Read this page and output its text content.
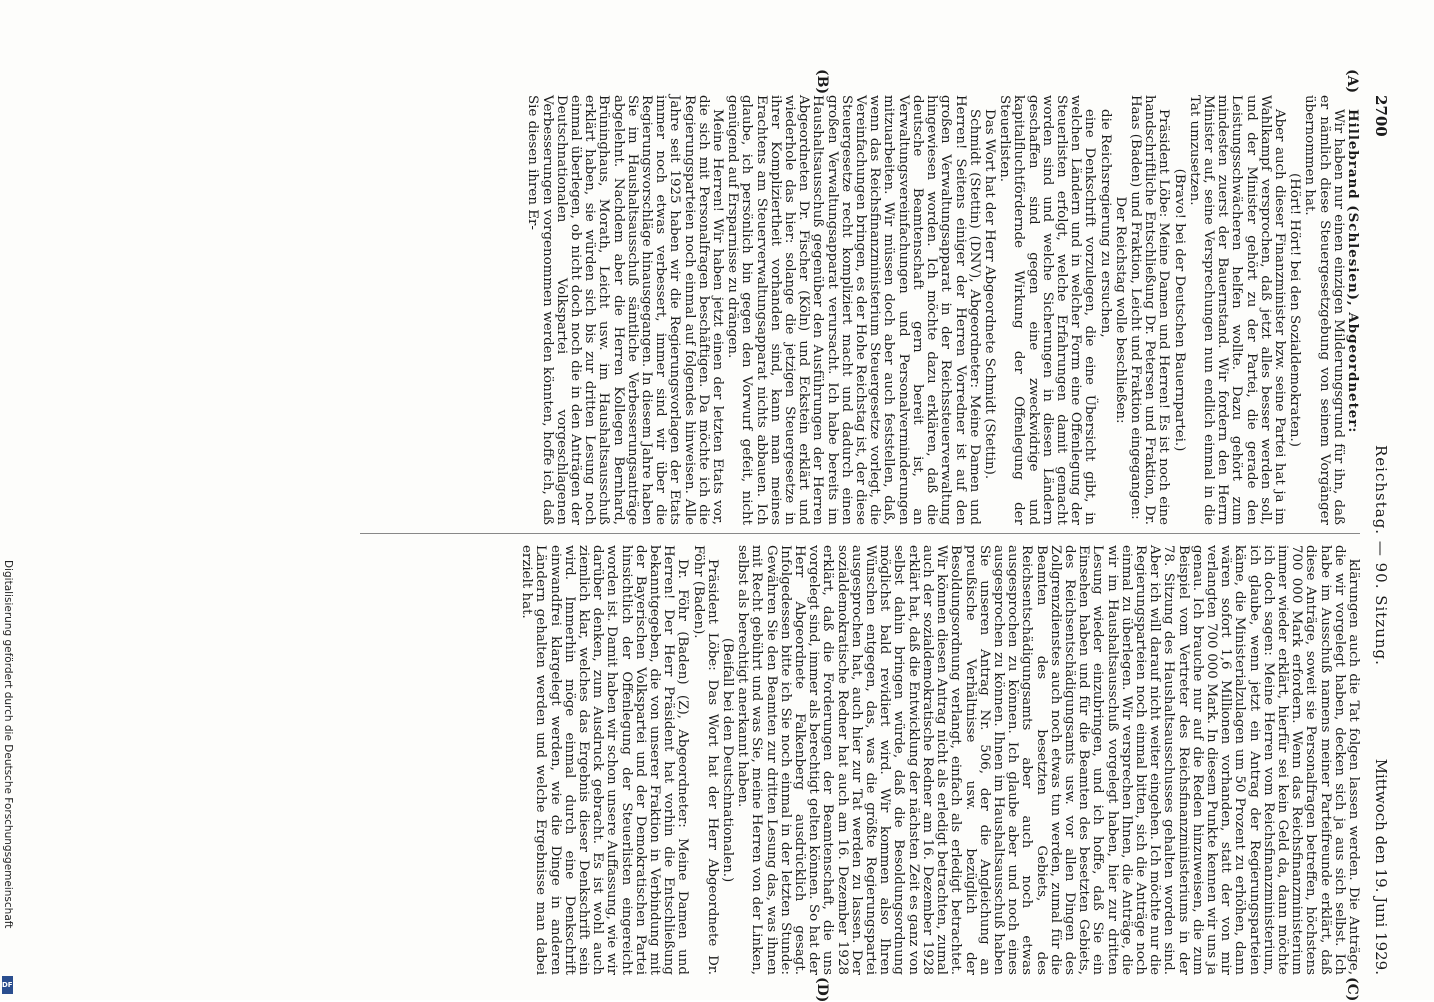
Digitalisierung gefördert durch die Deutsche Forschungsgemeinschaft
DFG
2700
Reichstag. — 90. Sitzung.
Mittwoch den 19. Juni 1929.
(A)
(B)
(C)
(D)

Hillebrand (Schlesien), Abgeordneter:

Wir haben nur einen einzigen Milderungsgrund für ihn, daß er nämlich diese Steuergesetzgebung von seinem Vorgänger übernommen hat.

(Hört! Hört! bei den Sozialdemokraten.)

Aber auch dieser Finanzminister bzw. seine Partei hat ja im Wahlkampf versprochen, daß jetzt alles besser werden soll, und der Minister gehört zu der Partei, die gerade den Leistungsschwächeren helfen wollte. Dazu gehört zum mindesten zuerst der Bauernstand. Wir fordern den Herrn Minister auf, seine Versprechungen nun endlich einmal in die Tat umzusetzen.

(Bravo! bei der Deutschen Bauernpartei.)

Präsident Löbe: Meine Damen und Herren! Es ist noch eine handschriftliche Entschließung Dr. Petersen und Fraktion, Dr. Haas (Baden) und Fraktion, Leicht und Fraktion eingegangen:

Der Reichstag wolle beschließen:

die Reichsregierung zu ersuchen,

eine Denkschrift vorzulegen, die eine Übersicht gibt, in welchen Ländern und in welcher Form eine Offenlegung der Steuerlisten erfolgt, welche Erfahrungen damit gemacht worden sind und welche Sicherungen in diesen Ländern geschaffen sind gegen eine zweckwidrige und kapitalfluchtfördernde Wirkung der Offenlegung der Steuerlisten.

Das Wort hat der Herr Abgeordnete Schmidt (Stettin).

Schmidt (Stettin) (DNV), Abgeordneter: Meine Damen und Herren! Seitens einiger der Herren Vorredner ist auf den großen Verwaltungsapparat in der Reichssteuerverwaltung hingewiesen worden. Ich möchte dazu erklären, daß die deutsche Beamtenschaft gern bereit ist, an Verwaltungsvereinfachungen und Personalverminderungen mitzuarbeiten. Wir müssen doch aber auch feststellen, daß, wenn das Reichsfinanzministerium Steuergesetze vorlegt, die Vereinfachungen bringen, es der Hohe Reichstag ist, der diese Steuergesetze recht kompliziert macht und dadurch einen großen Verwaltungsapparat verursacht. Ich habe bereits im Haushaltsausschuß gegenüber den Ausführungen der Herren Abgeordneten Dr. Fischer (Köln) und Eckstein erklärt und wiederhole das hier: solange die jetzigen Steuergesetze in ihrer Kompliziertheit vorhanden sind, kann man meines Erachtens am Steuerverwaltungsapparat nichts abbauen. Ich glaube, ich persönlich bin gegen den Vorwurf gefeit, nicht genügend auf Ersparnisse zu drängen.

Meine Herren! Wir haben jetzt einen der letzten Etats vor, die sich mit Personalfragen beschäftigen. Da möchte ich die Regierungsparteien noch einmal auf folgendes hinweisen. Alle Jahre seit 1925 haben wir die Regierungsvorlagen der Etats immer noch etwas verbessert, immer sind wir über die Regierungsvorschläge hinausgegangen. In diesem Jahre haben Sie im Haushaltsausschuß sämtliche Verbesserungsanträge abgelehnt. Nachdem aber die Herren Kollegen Bernhard, Brüninghaus, Morath, Leicht usw. im Haushaltsausschuß erklärt haben, sie würden sich bis zur dritten Lesung noch einmal überlegen, ob nicht doch noch die in den Anträgen der Deutschnationalen Volkspartei vorgeschlagenen Verbesserungen vorgenommen werden könnten, hoffe ich, daß Sie diesen ihren Er-

klärungen auch die Tat folgen lassen werden. Die Anträge, die wir vorgelegt haben, decken sich ja aus sich selbst. Ich habe im Ausschuß namens meiner Parteifreunde erklärt, daß diese Anträge, soweit sie Personalfragen betreffen, höchstens 700 000 Mark erfordern. Wenn das Reichsfinanzministerium immer wieder erklärt, hierfür sei kein Geld da, dann möchte ich doch sagen: Meine Herren vom Reichsfinanzministerium, ich glaube, wenn jetzt ein Antrag der Regierungsparteien käme, die Ministerialzulagen um 50 Prozent zu erhöhen, dann wären sofort 1,6 Millionen vorhanden, statt der von mir verlangten 700 000 Mark. In diesem Punkte kennen wir uns ja genau. Ich brauche nur auf die Reden hinzuweisen, die zum Beispiel vom Vertreter des Reichsfinanzministeriums in der 78. Sitzung des Haushaltsausschusses gehalten worden sind. Aber ich will darauf nicht weiter eingehen. Ich möchte nur die Regierungsparteien noch einmal bitten, sich die Anträge noch einmal zu überlegen. Wir versprechen Ihnen, die Anträge, die wir im Haushaltsausschuß vorgelegt haben, hier zur dritten Lesung wieder einzubringen, und ich hoffe, daß Sie ein Einsehen haben und für die Beamten des besetzten Gebiets, des Reichsentschädigungsamts usw. vor allen Dingen des Zollgrenzdienstes auch noch etwas tun werden, zumal für die Beamten des besetzten Gebiets, des Reichsentschädigungsamts aber auch noch etwas ausgesprochen zu können. Ich glaube aber und noch eines ausgesprochen zu können. Ihnen im Haushaltsausschuß haben Sie unseren Antrag Nr. 506, der die Angleichung an preußische Verhältnisse usw. bezüglich der Besoldungsordnung verlangt, einfach als erledigt betrachtet. Wir können diesen Antrag nicht als erledigt betrachten, zumal auch der sozialdemokratische Redner am 16. Dezember 1928 erklärt hat, daß die Entwicklung der nächsten Zeit es ganz von selbst dahin bringen würde, daß die Besoldungsordnung möglichst bald revidiert wird. Wir kommen also Ihren Wünschen entgegen, das, was die größte Regierungspartei ausgesprochen hat, auch hier zur Tat werden zu lassen. Der sozialdemokratische Redner hat auch am 16. Dezember 1928 erklärt, daß die Forderungen der Beamtenschaft, die uns vorgelegt sind, immer als berechtigt gelten können. So hat der Herr Abgeordnete Falkenberg ausdrücklich gesagt. Infolgedessen bitte ich Sie noch einmal in der letzten Stunde: Gewähren Sie den Beamten zur dritten Lesung das, was ihnen mit Recht gebührt und was Sie, meine Herren von der Linken, selbst als berechtigt anerkannt haben.

(Beifall bei den Deutschnationalen.)

Präsident Löbe: Das Wort hat der Herr Abgeordnete Dr. Föhr (Baden).

Dr. Föhr (Baden) (Z), Abgeordneter: Meine Damen und Herren! Der Herr Präsident hat vorhin die Entschließung bekanntgegeben, die von unserer Fraktion in Verbindung mit der Bayerischen Volkspartei und der Demokratischen Partei hinsichtlich der Offenlegung der Steuerlisten eingereicht worden ist. Damit haben wir schon unsere Auffassung, wie wir darüber denken, zum Ausdruck gebracht. Es ist wohl auch ziemlich klar, welches das Ergebnis dieser Denkschrift sein wird. Immerhin möge einmal durch eine Denkschrift einwandfrei klargelegt werden, wie die Dinge in anderen Ländern gehalten werden und welche Ergebnisse man dabei erzielt hat.
